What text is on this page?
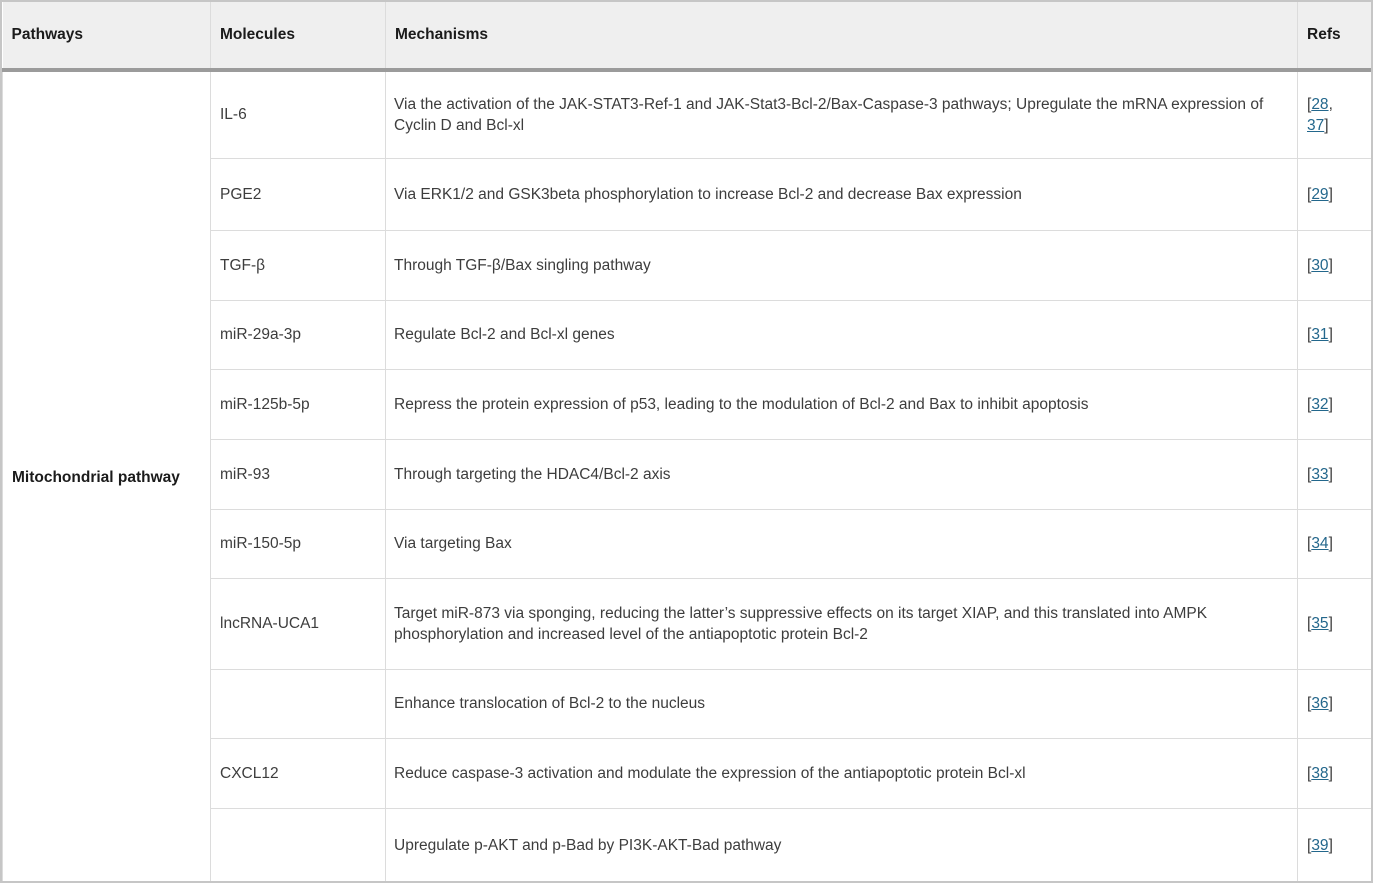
Pathways	Molecules	Mechanisms	Refs
Mitochondrial pathway	IL-6	Via the activation of the JAK-STAT3-Ref-1 and JAK-Stat3-Bcl-2/Bax-Caspase-3 pathways; Upregulate the mRNA expression of Cyclin D and Bcl-xl	[28, 37]
	PGE2	Via ERK1/2 and GSK3beta phosphorylation to increase Bcl-2 and decrease Bax expression	[29]
	TGF-β	Through TGF-β/Bax singling pathway	[30]
	miR-29a-3p	Regulate Bcl-2 and Bcl-xl genes	[31]
	miR-125b-5p	Repress the protein expression of p53, leading to the modulation of Bcl-2 and Bax to inhibit apoptosis	[32]
	miR-93	Through targeting the HDAC4/Bcl-2 axis	[33]
	miR-150-5p	Via targeting Bax	[34]
	lncRNA-UCA1	Target miR-873 via sponging, reducing the latter’s suppressive effects on its target XIAP, and this translated into AMPK phosphorylation and increased level of the antiapoptotic protein Bcl-2	[35]
		Enhance translocation of Bcl-2 to the nucleus	[36]
	CXCL12	Reduce caspase-3 activation and modulate the expression of the antiapoptotic protein Bcl-xl	[38]
		Upregulate p-AKT and p-Bad by PI3K-AKT-Bad pathway	[39]
